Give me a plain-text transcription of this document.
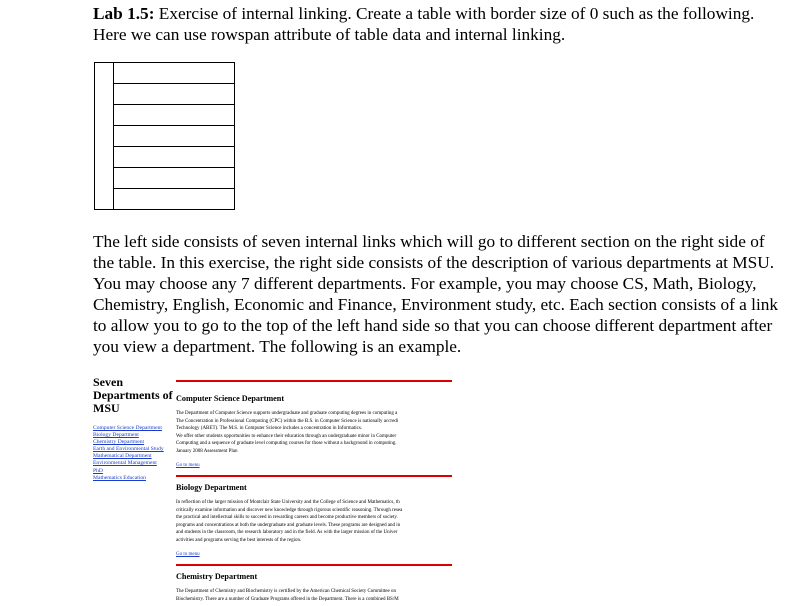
Lab 1.5: Exercise of internal linking. Create a table with border size of 0 such as the following. Here we can use rowspan attribute of table data and internal linking.
The left side consists of seven internal links which will go to different section on the right side of the table. In this exercise, the right side consists of the description of various departments at MSU. You may choose any 7 different departments. For example, you may choose CS, Math, Biology, Chemistry, English, Economic and Finance, Environment study, etc. Each section consists of a link to allow you to go to the top of the left hand side so that you can choose different department after you view a department. The following is an example.
Seven
Departments of
MSU
Computer Science Department
Biology Department
Chemistry Department
Earth and Environmental Study
Mathematical Department
Environmental Management
PhD
Mathematics Education
Computer Science Department
The Department of Computer Science supports undergraduate and graduate computing degrees in computing a
The Concentration in Professional Computing (CPC) within the B.S. in Computer Science is nationally accredi
Technology (ABET). The M.S. in Computer Science includes a concentration in Informatics.
We offer other students opportunities to enhance their education through an undergraduate minor in Computer
Computing and a sequence of graduate level computing courses for those without a background in computing.
January 2008 Assessment Plan
Go to menu
Biology Department
In reflection of the larger mission of Montclair State University and the College of Science and Mathematics, th
critically examine information and discover new knowledge through rigorous scientific reasoning. Through resea
the practical and intellectual skills to succeed in rewarding careers and become productive members of society.
programs and concentrations at both the undergraduate and graduate levels. These programs are designed and in
and students in the classroom, the research laboratory and in the field. As with the larger mission of the Univer
activities and programs serving the best interests of the region.
Go to menu
Chemistry Department
The Department of Chemistry and Biochemistry is certified by the American Chemical Society Committee on
Biochemistry. There are a number of Graduate Programs offered in the Department. There is a combined BS/M
